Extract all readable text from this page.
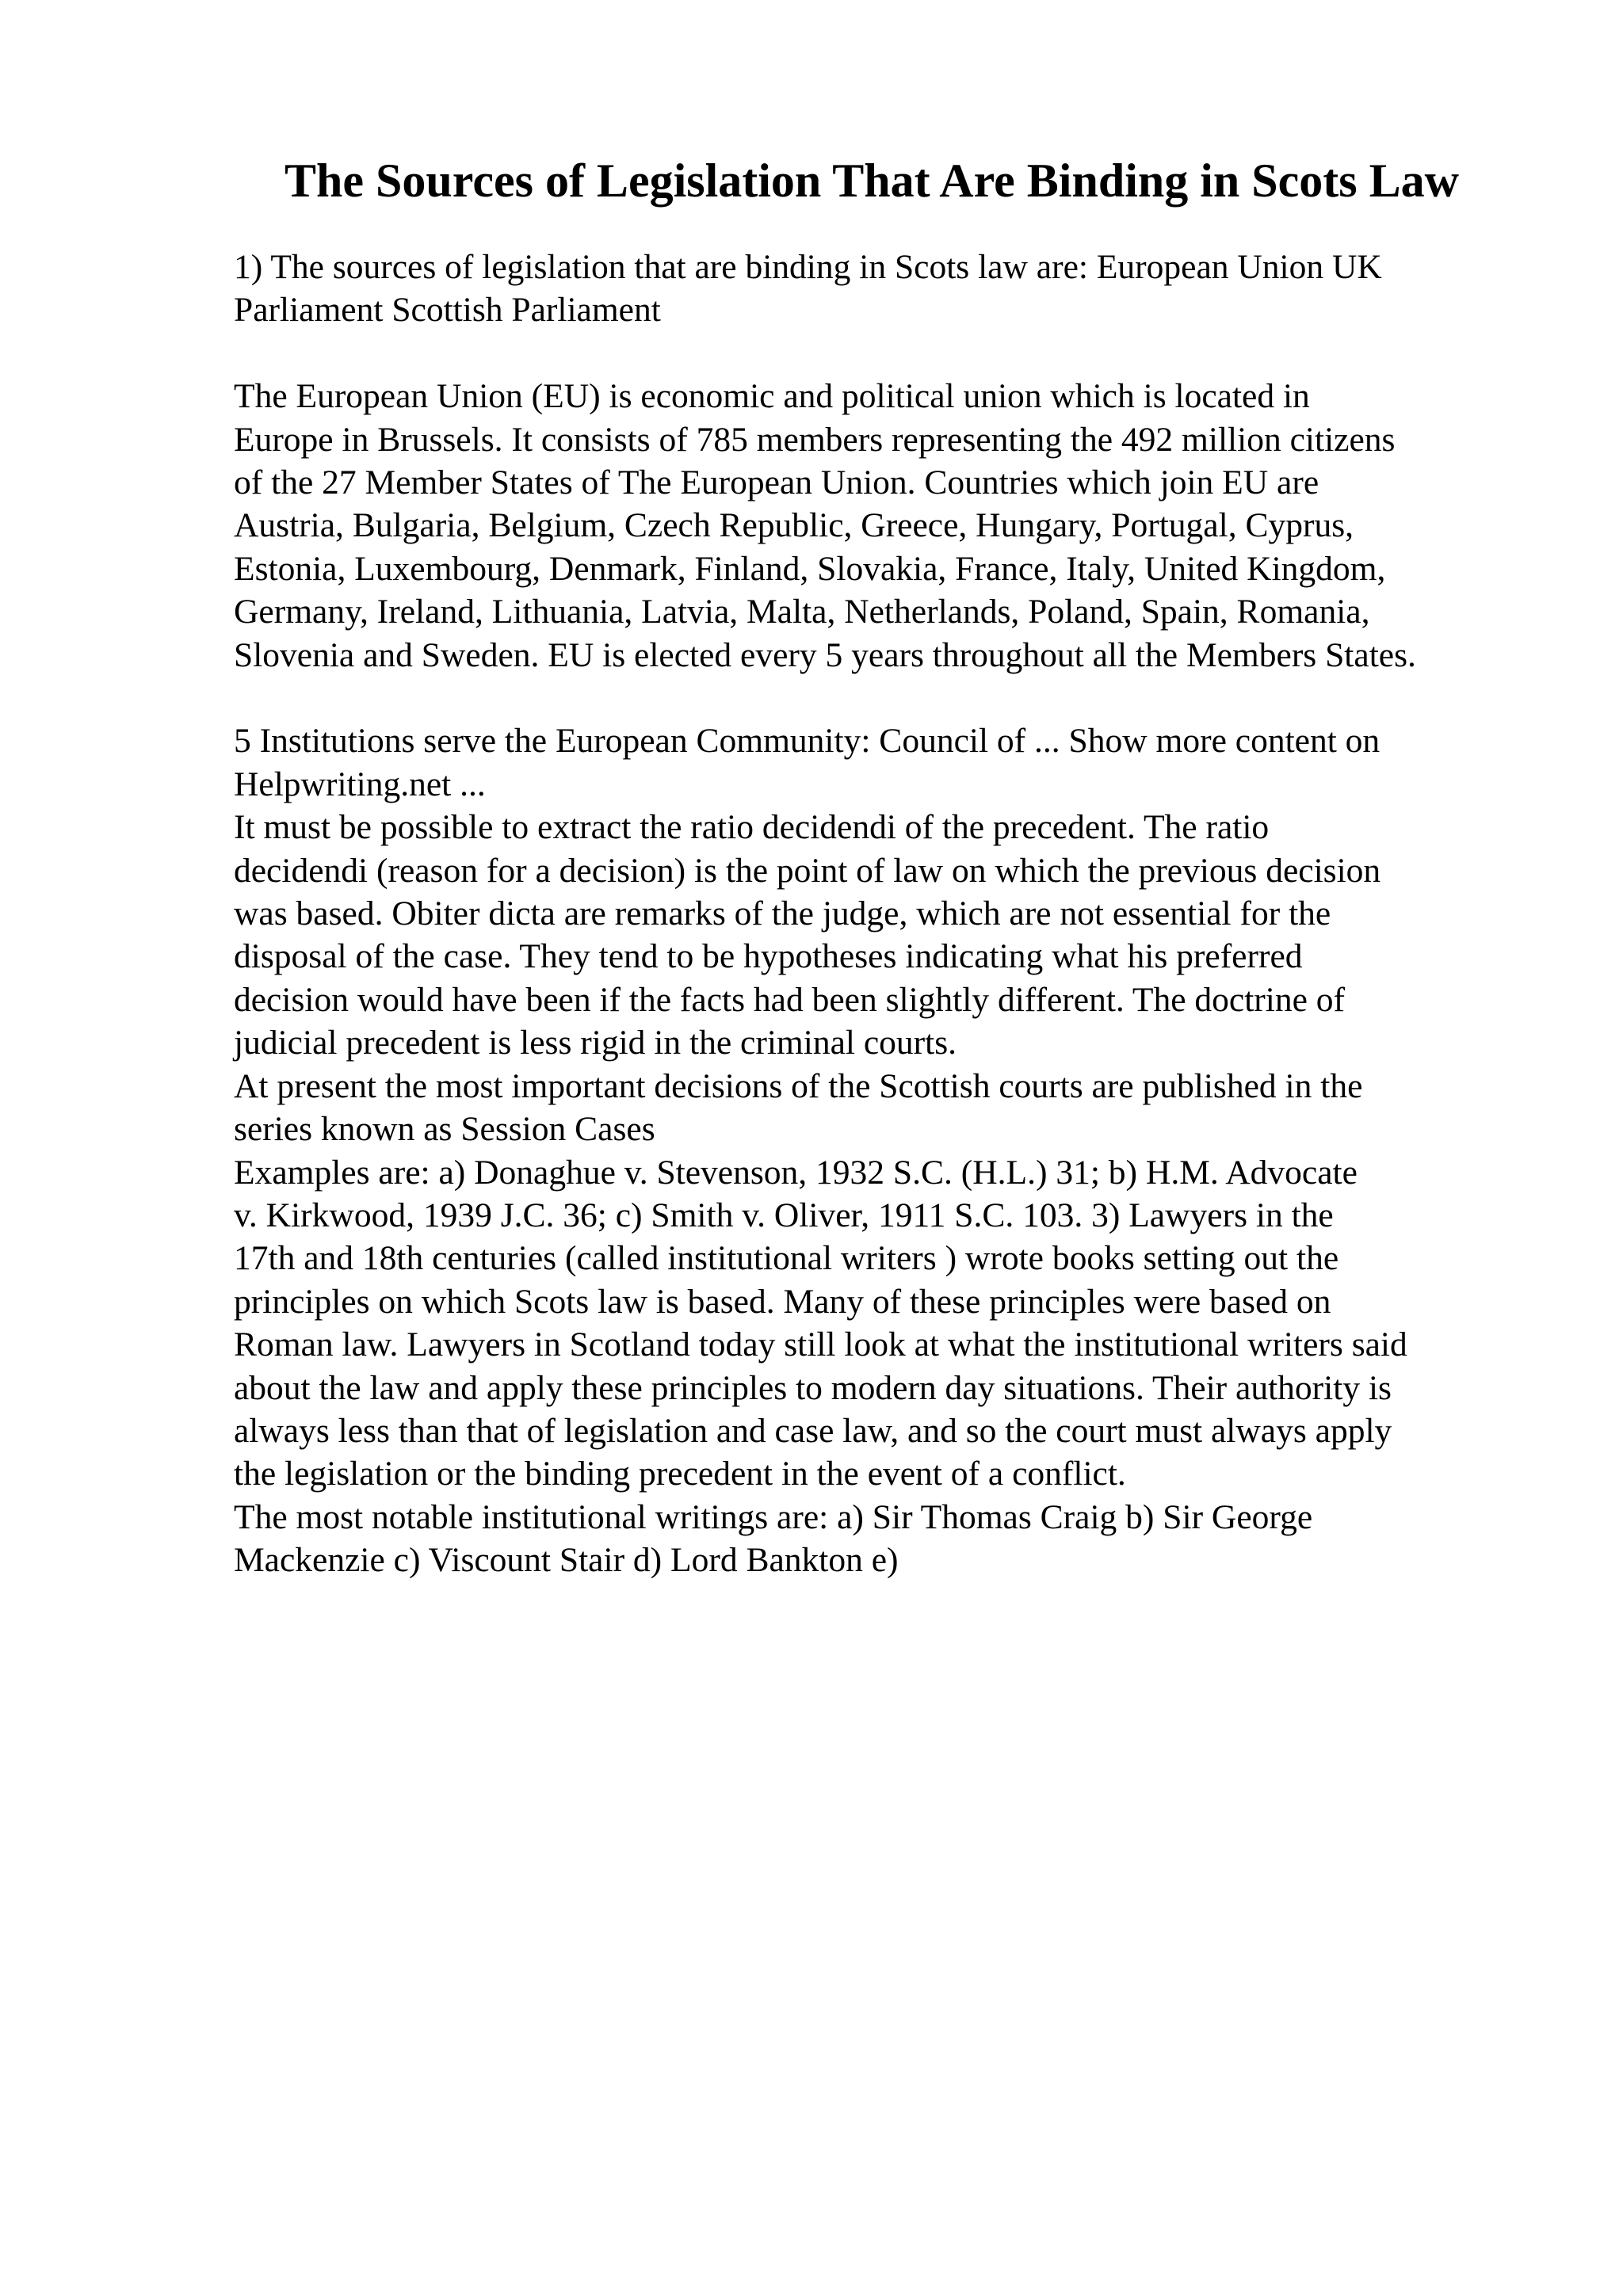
The Sources of Legislation That Are Binding in Scots Law

1) The sources of legislation that are binding in Scots law are: European Union UK
Parliament Scottish Parliament

The European Union (EU) is economic and political union which is located in
Europe in Brussels. It consists of 785 members representing the 492 million citizens
of the 27 Member States of The European Union. Countries which join EU are
Austria, Bulgaria, Belgium, Czech Republic, Greece, Hungary, Portugal, Cyprus,
Estonia, Luxembourg, Denmark, Finland, Slovakia, France, Italy, United Kingdom,
Germany, Ireland, Lithuania, Latvia, Malta, Netherlands, Poland, Spain, Romania,
Slovenia and Sweden. EU is elected every 5 years throughout all the Members States.

5 Institutions serve the European Community: Council of ... Show more content on
Helpwriting.net ...

It must be possible to extract the ratio decidendi of the precedent. The ratio
decidendi (reason for a decision) is the point of law on which the previous decision
was based. Obiter dicta are remarks of the judge, which are not essential for the
disposal of the case. They tend to be hypotheses indicating what his preferred
decision would have been if the facts had been slightly different. The doctrine of
judicial precedent is less rigid in the criminal courts.

At present the most important decisions of the Scottish courts are published in the
series known as Session Cases

Examples are: a) Donaghue v. Stevenson, 1932 S.C. (H.L.) 31; b) H.M. Advocate
v. Kirkwood, 1939 J.C. 36; c) Smith v. Oliver, 1911 S.C. 103. 3) Lawyers in the
17th and 18th centuries (called institutional writers ) wrote books setting out the
principles on which Scots law is based. Many of these principles were based on
Roman law. Lawyers in Scotland today still look at what the institutional writers said
about the law and apply these principles to modern day situations. Their authority is
always less than that of legislation and case law, and so the court must always apply
the legislation or the binding precedent in the event of a conflict.

The most notable institutional writings are: a) Sir Thomas Craig b) Sir George
Mackenzie c) Viscount Stair d) Lord Bankton e)
